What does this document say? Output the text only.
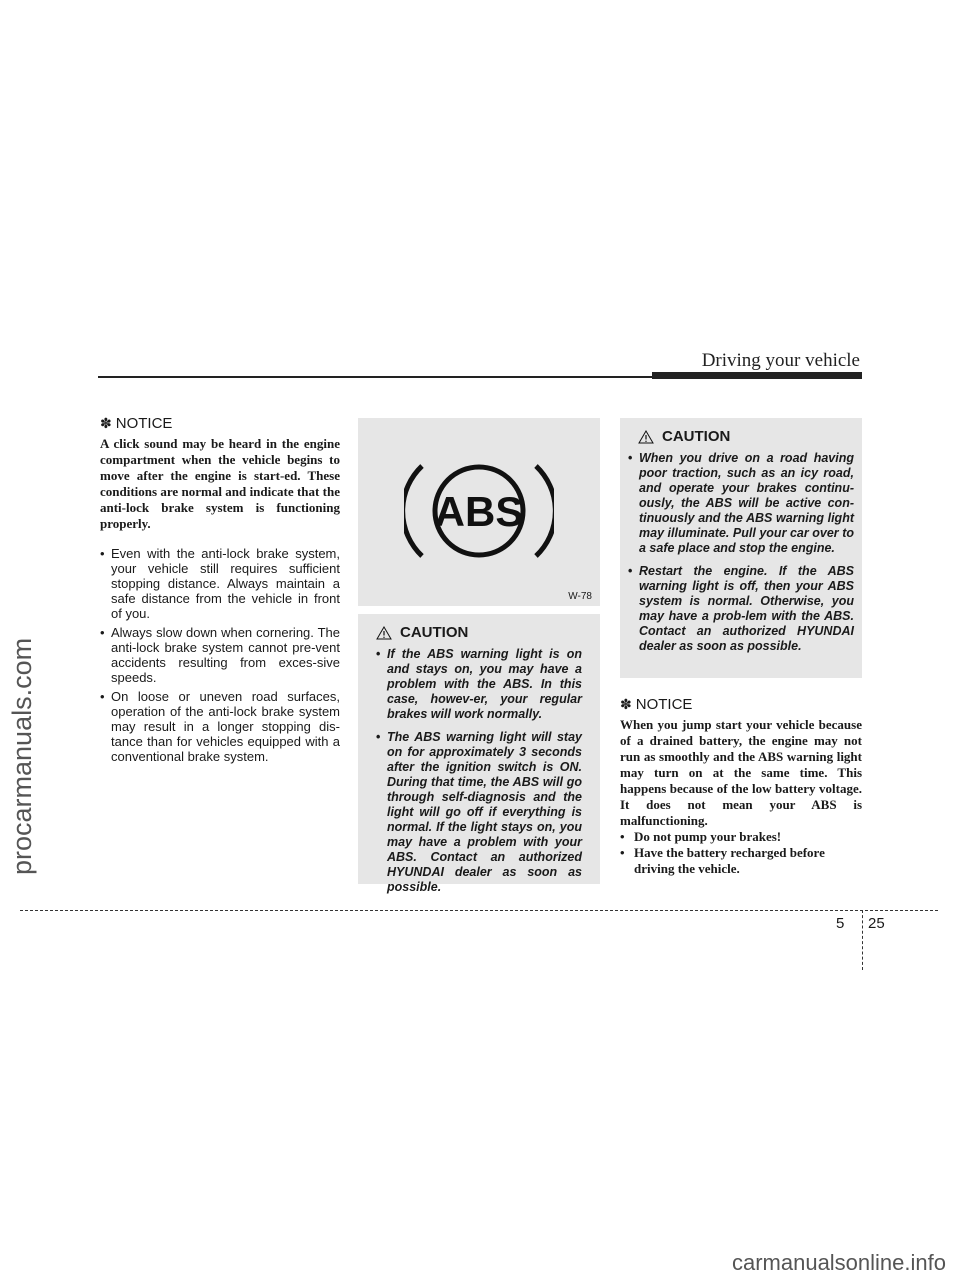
procarmanuals.com
carmanualsonline.info
Driving your vehicle
✽ NOTICE

A click sound may be heard in the engine compartment when the vehicle begins to move after the engine is start-ed. These conditions are normal and indicate that the anti-lock brake system is functioning properly.

• Even with the anti-lock brake system, your vehicle still requires sufficient stopping distance. Always maintain a safe distance from the vehicle in front of you.
• Always slow down when cornering. The anti-lock brake system cannot pre-vent accidents resulting from exces-sive speeds.
• On loose or uneven road surfaces, operation of the anti-lock brake system may result in a longer stopping dis-tance than for vehicles equipped with a conventional brake system.
ABS
W-78
CAUTION
• If the ABS warning light is on and stays on, you may have a problem with the ABS. In this case, howev-er, your regular brakes will work normally.
• The ABS warning light will stay on for approximately 3 seconds after the ignition switch is ON. During that time, the ABS will go through self-diagnosis and the light will go off if everything is normal. If the light stays on, you may have a problem with your ABS. Contact an authorized HYUNDAI dealer as soon as possible.
CAUTION
• When you drive on a road having poor traction, such as an icy road, and operate your brakes continu-ously, the ABS will be active con-tinuously and the ABS warning light may illuminate. Pull your car over to a safe place and stop the engine.
• Restart the engine. If the ABS warning light is off, then your ABS system is normal. Otherwise, you may have a prob-lem with the ABS. Contact an authorized HYUNDAI dealer as soon as possible.
✽ NOTICE

When you jump start your vehicle because of a drained battery, the engine may not run as smoothly and the ABS warning light may turn on at the same time. This happens because of the low battery voltage. It does not mean your ABS is malfunctioning.

• Do not pump your brakes!
• Have the battery recharged before driving the vehicle.
5 25
